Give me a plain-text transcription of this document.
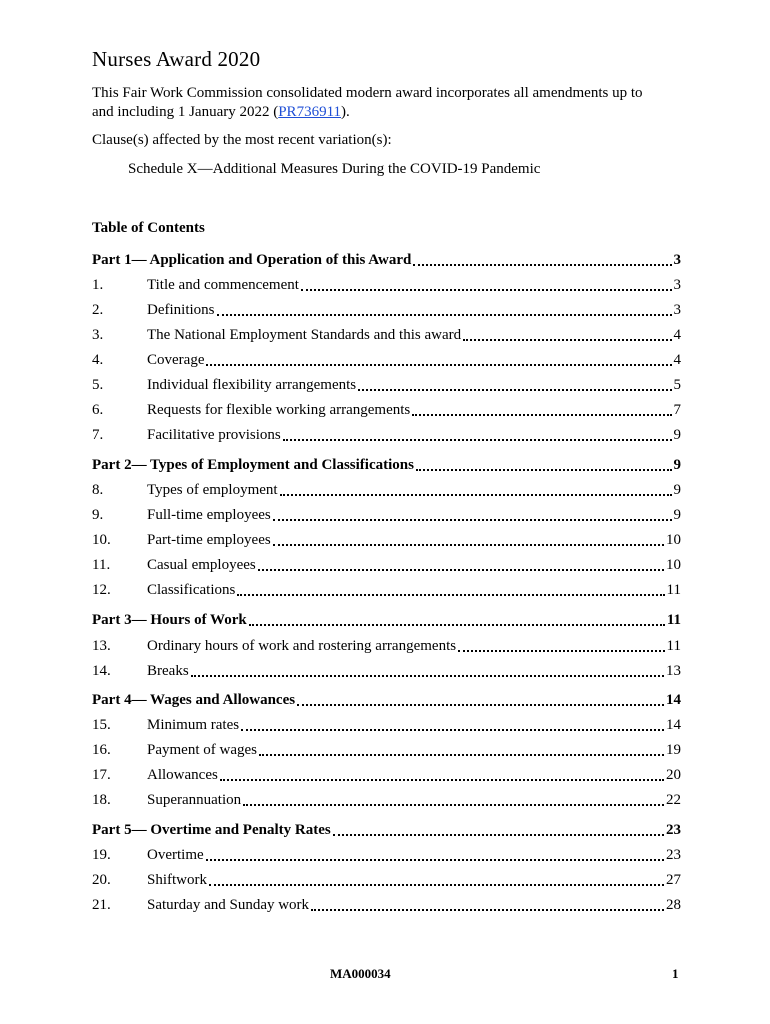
Nurses Award 2020

This Fair Work Commission consolidated modern award incorporates all amendments up to and including 1 January 2022 (PR736911).

Clause(s) affected by the most recent variation(s):

Schedule X—Additional Measures During the COVID-19 Pandemic

Table of Contents

Part 1— Application and Operation of this Award	3
1.	Title and commencement	3
2.	Definitions	3
3.	The National Employment Standards and this award	4
4.	Coverage	4
5.	Individual flexibility arrangements	5
6.	Requests for flexible working arrangements	7
7.	Facilitative provisions	9
Part 2— Types of Employment and Classifications	9
8.	Types of employment	9
9.	Full-time employees	9
10.	Part-time employees	10
11.	Casual employees	10
12.	Classifications	11
Part 3— Hours of Work	11
13.	Ordinary hours of work and rostering arrangements	11
14.	Breaks	13
Part 4— Wages and Allowances	14
15.	Minimum rates	14
16.	Payment of wages	19
17.	Allowances	20
18.	Superannuation	22
Part 5— Overtime and Penalty Rates	23
19.	Overtime	23
20.	Shiftwork	27
21.	Saturday and Sunday work	28
MA000034	1
